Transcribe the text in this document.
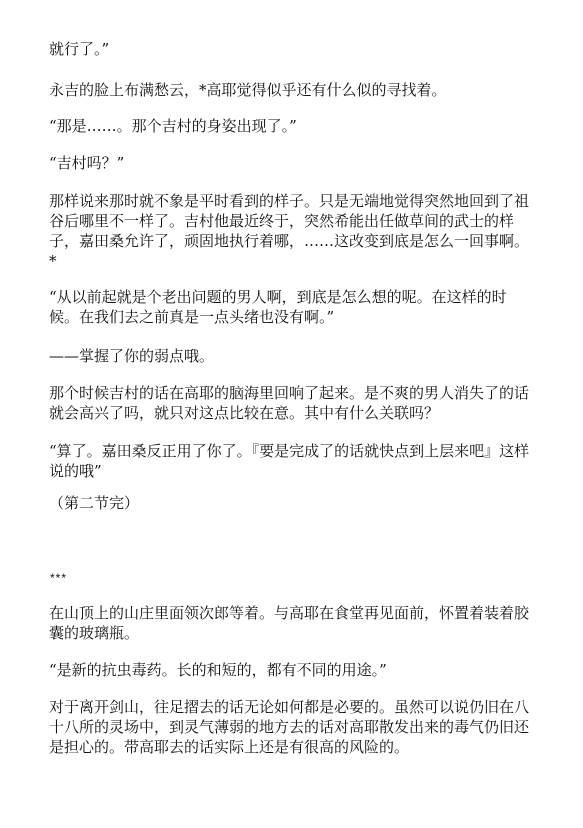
就行了。”

永吉的脸上布满愁云，*高耶觉得似乎还有什么似的寻找着。

“那是……。那个吉村的身姿出现了。”

“吉村吗？”

那样说来那时就不象是平时看到的样子。只是无端地觉得突然地回到了祖谷后哪里不一样了。吉村他最近终于，突然希能出任做草间的武士的样子，嘉田桑允许了，顽固地执行着哪，……这改变到底是怎么一回事啊。*

“从以前起就是个老出问题的男人啊，到底是怎么想的呢。在这样的时候。在我们去之前真是一点头绪也没有啊。”

——掌握了你的弱点哦。

那个时候吉村的话在高耶的脑海里回响了起来。是不爽的男人消失了的话就会高兴了吗，就只对这点比较在意。其中有什么关联吗？

“算了。嘉田桑反正用了你了。『要是完成了的话就快点到上层来吧』这样说的哦”

（第二节完）

***

在山顶上的山庄里面领次郎等着。与高耶在食堂再见面前，怀置着装着胶囊的玻璃瓶。

“是新的抗虫毒药。长的和短的，都有不同的用途。”

对于离开剑山，往足摺去的话无论如何都是必要的。虽然可以说仍旧在八十八所的灵场中，到灵气薄弱的地方去的话对高耶散发出来的毒气仍旧还是担心的。带高耶去的话实际上还是有很高的风险的。
